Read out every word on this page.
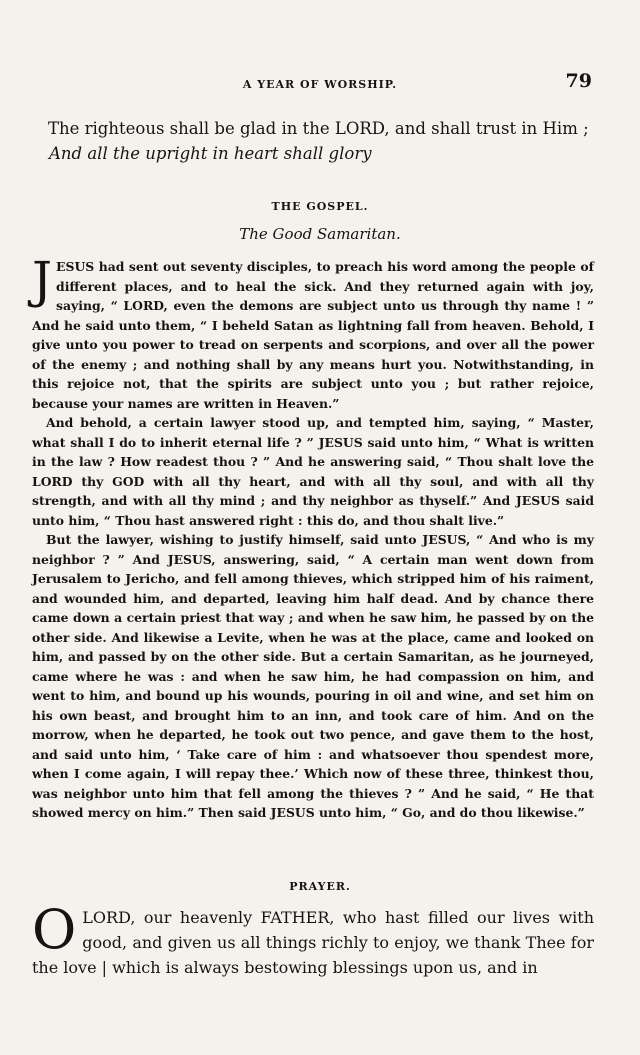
A YEAR OF WORSHIP.	79
The righteous shall be glad in the LORD, and shall trust in Him ;
And all the upright in heart shall glory
THE GOSPEL.
The Good Samaritan.

J ESUS had sent out seventy disciples, to preach his word among the people of different places, and to heal the sick. And they returned again with joy, saying, “ LORD, even the demons are subject unto us through thy name ! ” And he said unto them, “ I beheld Satan as lightning fall from heaven. Behold, I give unto you power to tread on serpents and scorpions, and over all the power of the enemy ; and nothing shall by any means hurt you. Notwithstanding, in this rejoice not, that the spirits are subject unto you ; but rather rejoice, because your names are written in Heaven.”

And behold, a certain lawyer stood up, and tempted him, saying, “ Master, what shall I do to inherit eternal life ? ” JESUS said unto him, “ What is written in the law ? How readest thou ? ” And he answering said, “ Thou shalt love the LORD thy GOD with all thy heart, and with all thy soul, and with all thy strength, and with all thy mind ; and thy neighbor as thyself.” And JESUS said unto him, “ Thou hast answered right : this do, and thou shalt live.”

But the lawyer, wishing to justify himself, said unto JESUS, “ And who is my neighbor ? ” And JESUS, answering, said, “ A certain man went down from Jerusalem to Jericho, and fell among thieves, which stripped him of his raiment, and wounded him, and departed, leaving him half dead. And by chance there came down a certain priest that way ; and when he saw him, he passed by on the other side. And likewise a Levite, when he was at the place, came and looked on him, and passed by on the other side. But a certain Samaritan, as he journeyed, came where he was : and when he saw him, he had compassion on him, and went to him, and bound up his wounds, pouring in oil and wine, and set him on his own beast, and brought him to an inn, and took care of him. And on the morrow, when he departed, he took out two pence, and gave them to the host, and said unto him, ‘ Take care of him : and whatsoever thou spendest more, when I come again, I will repay thee.’ Which now of these three, thinkest thou, was neighbor unto him that fell among the thieves ? ” And he said, “ He that showed mercy on him.” Then said JESUS unto him, “ Go, and do thou likewise.”

PRAYER.
O LORD, our heavenly FATHER, who hast filled our lives with good, and given us all things richly to enjoy, we thank Thee for the love | which is always bestowing blessings upon us, and in
